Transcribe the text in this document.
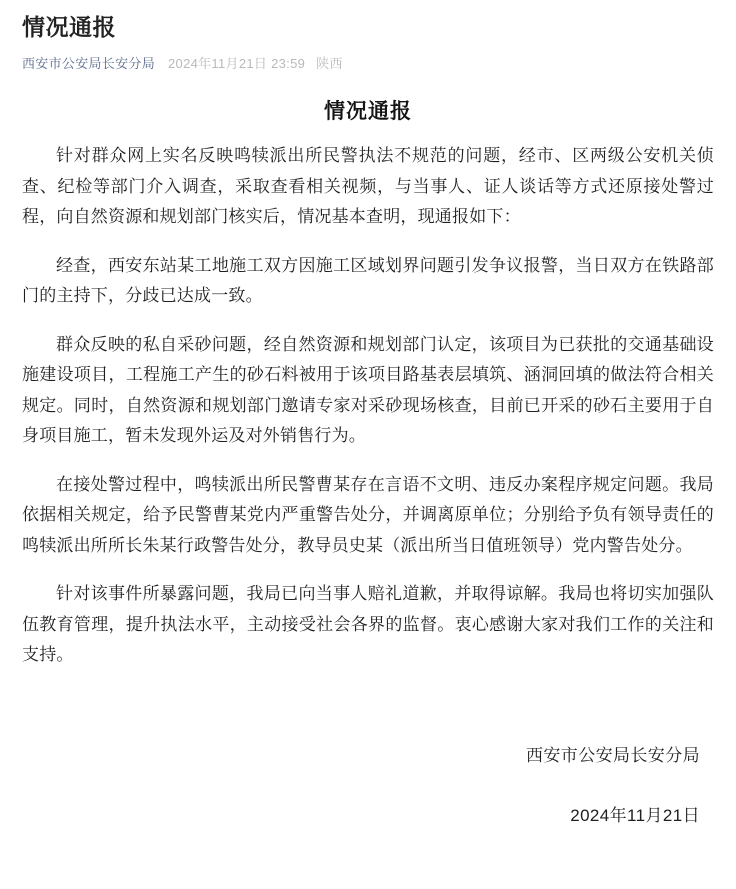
情况通报
西安市公安局长安分局 2024年11月21日 23:59 陕西
情况通报

针对群众网上实名反映鸣犊派出所民警执法不规范的问题，经市、区两级公安机关侦查、纪检等部门介入调查，采取查看相关视频，与当事人、证人谈话等方式还原接处警过程，向自然资源和规划部门核实后，情况基本查明，现通报如下：

经查，西安东站某工地施工双方因施工区域划界问题引发争议报警，当日双方在铁路部门的主持下，分歧已达成一致。

群众反映的私自采砂问题，经自然资源和规划部门认定，该项目为已获批的交通基础设施建设项目，工程施工产生的砂石料被用于该项目路基表层填筑、涵洞回填的做法符合相关规定。同时，自然资源和规划部门邀请专家对采砂现场核查，目前已开采的砂石主要用于自身项目施工，暂未发现外运及对外销售行为。

在接处警过程中，鸣犊派出所民警曹某存在言语不文明、违反办案程序规定问题。我局依据相关规定，给予民警曹某党内严重警告处分，并调离原单位；分别给予负有领导责任的鸣犊派出所所长朱某行政警告处分，教导员史某（派出所当日值班领导）党内警告处分。

针对该事件所暴露问题，我局已向当事人赔礼道歉，并取得谅解。我局也将切实加强队伍教育管理，提升执法水平，主动接受社会各界的监督。衷心感谢大家对我们工作的关注和支持。

西安市公安局长安分局
2024年11月21日
